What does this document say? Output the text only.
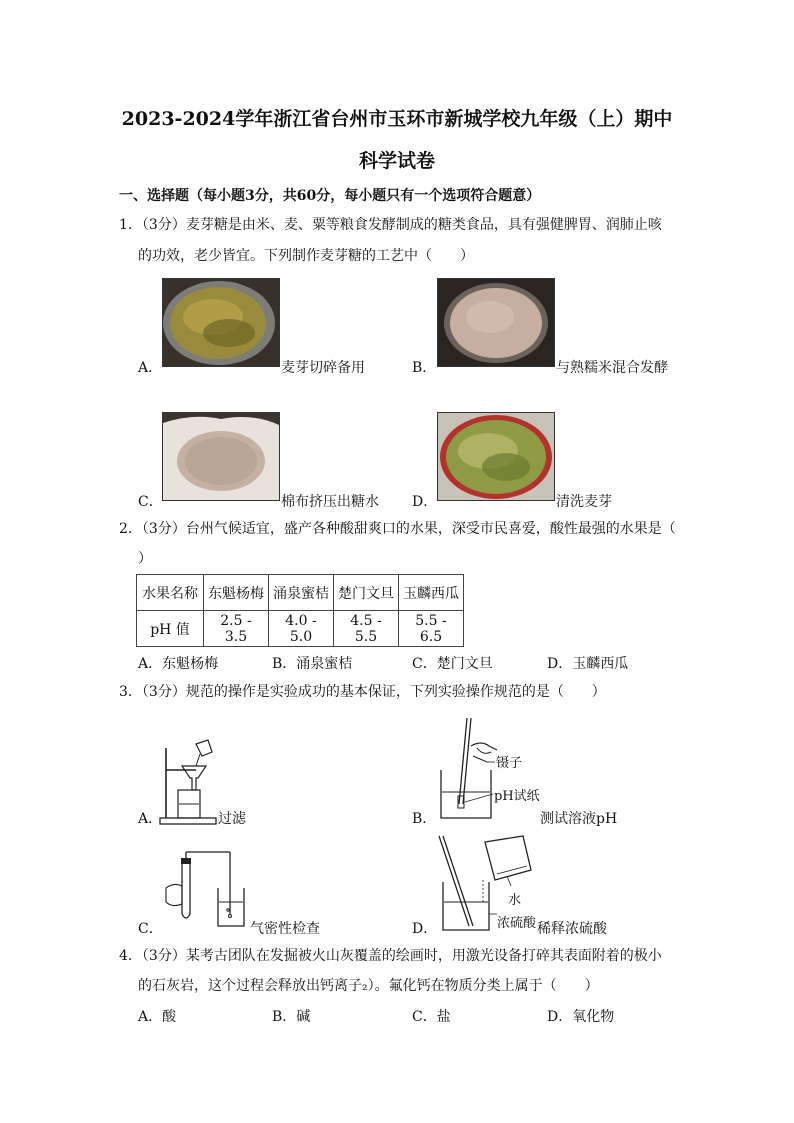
2023-2024学年浙江省台州市玉环市新城学校九年级（上）期中
科学试卷
一、选择题（每小题3分，共60分，每小题只有一个选项符合题意）
1．（3分）麦芽糖是由米、麦、粟等粮食发酵制成的糖类食品，具有强健脾胃、润肺止咳
的功效，老少皆宜。下列制作麦芽糖的工艺中（　　）
A．	麦芽切碎备用	B．	与熟糯米混合发酵
C．	棉布挤压出糖水 D．	清洗麦芽
2．（3分）台州气候适宜，盛产各种酸甜爽口的水果，深受市民喜爱，酸性最强的水果是（
）
水果名称	东魁杨梅	涌泉蜜桔	楚门文旦	玉麟西瓜
pH 值	2.5 - 3.5	4.0 - 5.0	4.5 - 5.5	5.5 - 6.5
A．东魁杨梅	B．涌泉蜜桔	C．楚门文旦	D．玉麟西瓜
3．（3分）规范的操作是实验成功的基本保证，下列实验操作规范的是（　　）
A．	过滤	B．
镊子
pH试纸
测试溶液pH
C．	气密性检查	D．
水
浓硫酸 稀释浓硫酸
4．（3分）某考古团队在发掘被火山灰覆盖的绘画时，用激光设备打碎其表面附着的极小
的石灰岩，这个过程会释放出钙离子₂）。氟化钙在物质分类上属于（　　）
A．酸	B．碱	C．盐	D．氧化物
